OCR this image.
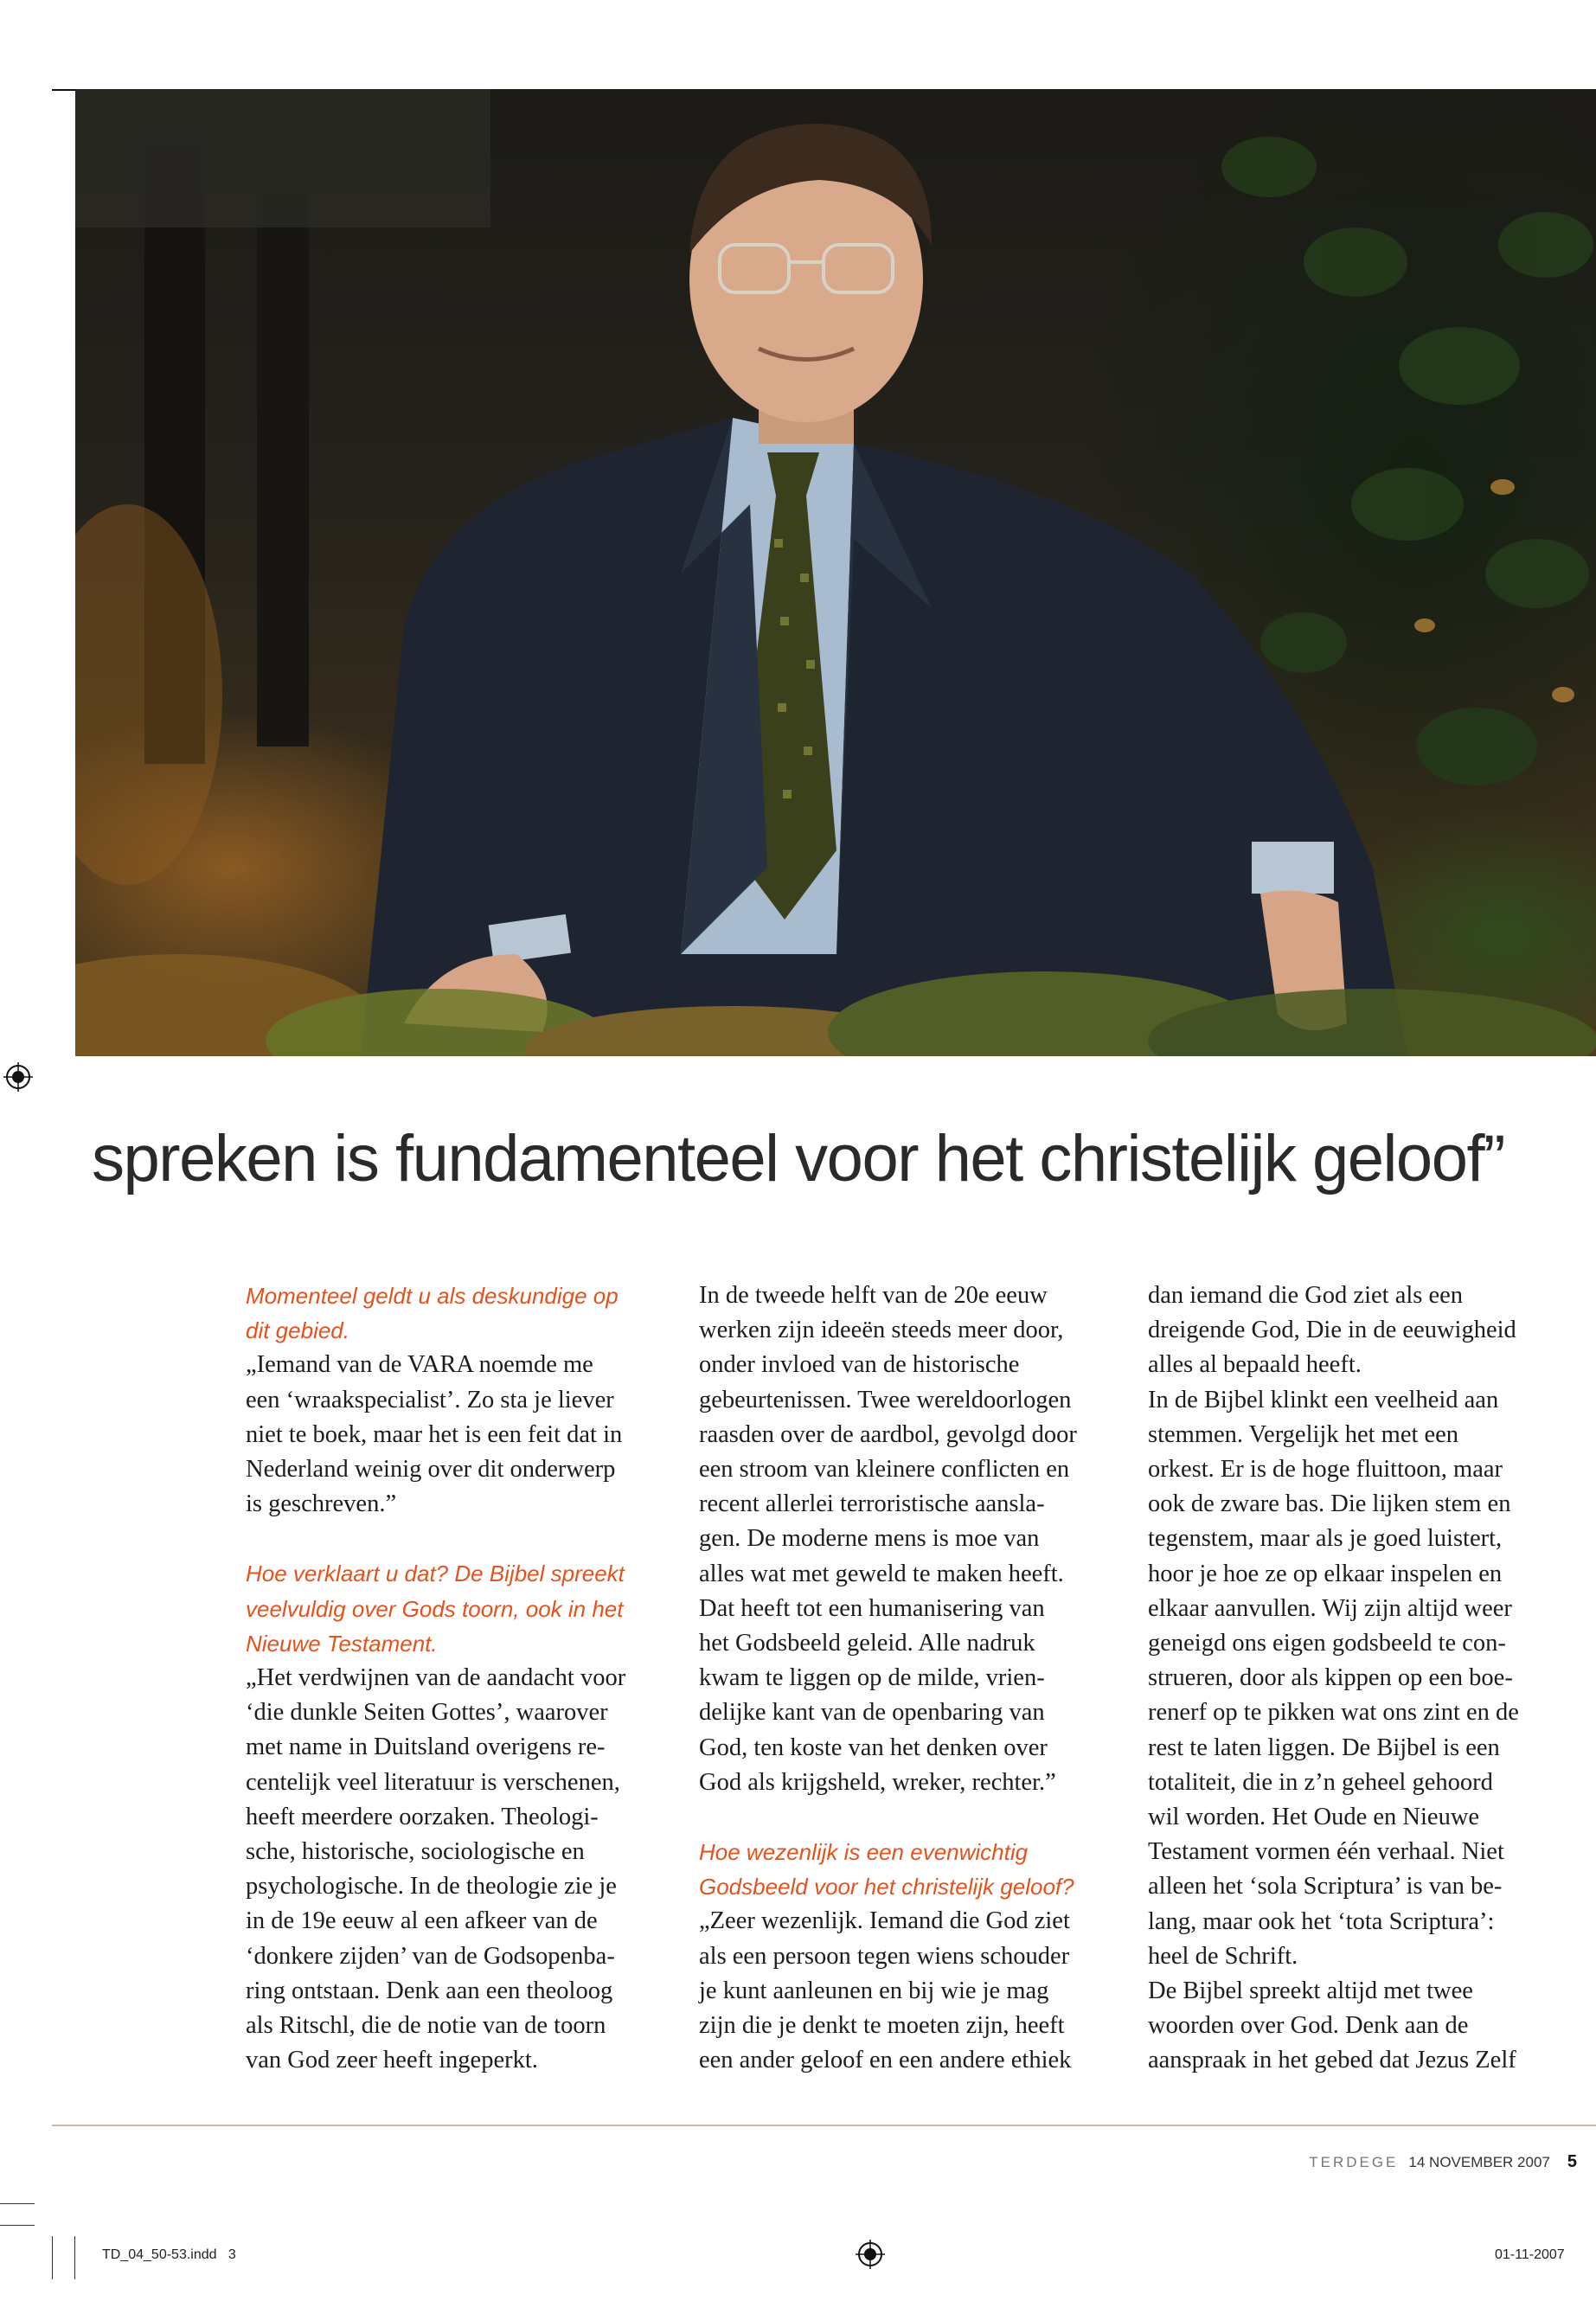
spreken is fundamenteel voor het christelijk geloof”

Momenteel geldt u als deskundige op
dit gebied.

„Iemand van de VARA noemde me
een ‘wraakspecialist’. Zo sta je liever
niet te boek, maar het is een feit dat in
Nederland weinig over dit onderwerp
is geschreven.”

Hoe verklaart u dat? De Bijbel spreekt
veelvuldig over Gods toorn, ook in het
Nieuwe Testament.

„Het verdwijnen van de aandacht voor
‘die dunkle Seiten Gottes’, waarover
met name in Duitsland overigens re-
centelijk veel literatuur is verschenen,
heeft meerdere oorzaken. Theologi-
sche, historische, sociologische en
psychologische. In de theologie zie je
in de 19e eeuw al een afkeer van de
‘donkere zijden’ van de Godsopenba-
ring ontstaan. Denk aan een theoloog
als Ritschl, die de notie van de toorn
van God zeer heeft ingeperkt.

In de tweede helft van de 20e eeuw
werken zijn ideeën steeds meer door,
onder invloed van de historische
gebeurtenissen. Twee wereldoorlogen
raasden over de aardbol, gevolgd door
een stroom van kleinere conflicten en
recent allerlei terroristische aansla-
gen. De moderne mens is moe van
alles wat met geweld te maken heeft.
Dat heeft tot een humanisering van
het Godsbeeld geleid. Alle nadruk
kwam te liggen op de milde, vrien-
delijke kant van de openbaring van
God, ten koste van het denken over
God als krijgsheld, wreker, rechter.”

Hoe wezenlijk is een evenwichtig
Godsbeeld voor het christelijk geloof?

„Zeer wezenlijk. Iemand die God ziet
als een persoon tegen wiens schouder
je kunt aanleunen en bij wie je mag
zijn die je denkt te moeten zijn, heeft
een ander geloof en een andere ethiek

dan iemand die God ziet als een
dreigende God, Die in de eeuwigheid
alles al bepaald heeft.
In de Bijbel klinkt een veelheid aan
stemmen. Vergelijk het met een
orkest. Er is de hoge fluittoon, maar
ook de zware bas. Die lijken stem en
tegenstem, maar als je goed luistert,
hoor je hoe ze op elkaar inspelen en
elkaar aanvullen. Wij zijn altijd weer
geneigd ons eigen godsbeeld te con-
strueren, door als kippen op een boe-
renerf op te pikken wat ons zint en de
rest te laten liggen. De Bijbel is een
totaliteit, die in z’n geheel gehoord
wil worden. Het Oude en Nieuwe
Testament vormen één verhaal. Niet
alleen het ‘sola Scriptura’ is van be-
lang, maar ook het ‘tota Scriptura’:
heel de Schrift.
De Bijbel spreekt altijd met twee
woorden over God. Denk aan de
aanspraak in het gebed dat Jezus Zelf

TERDEGE 14 NOVEMBER 2007 5
TD_04_50-53.indd   3	01-11-2007
